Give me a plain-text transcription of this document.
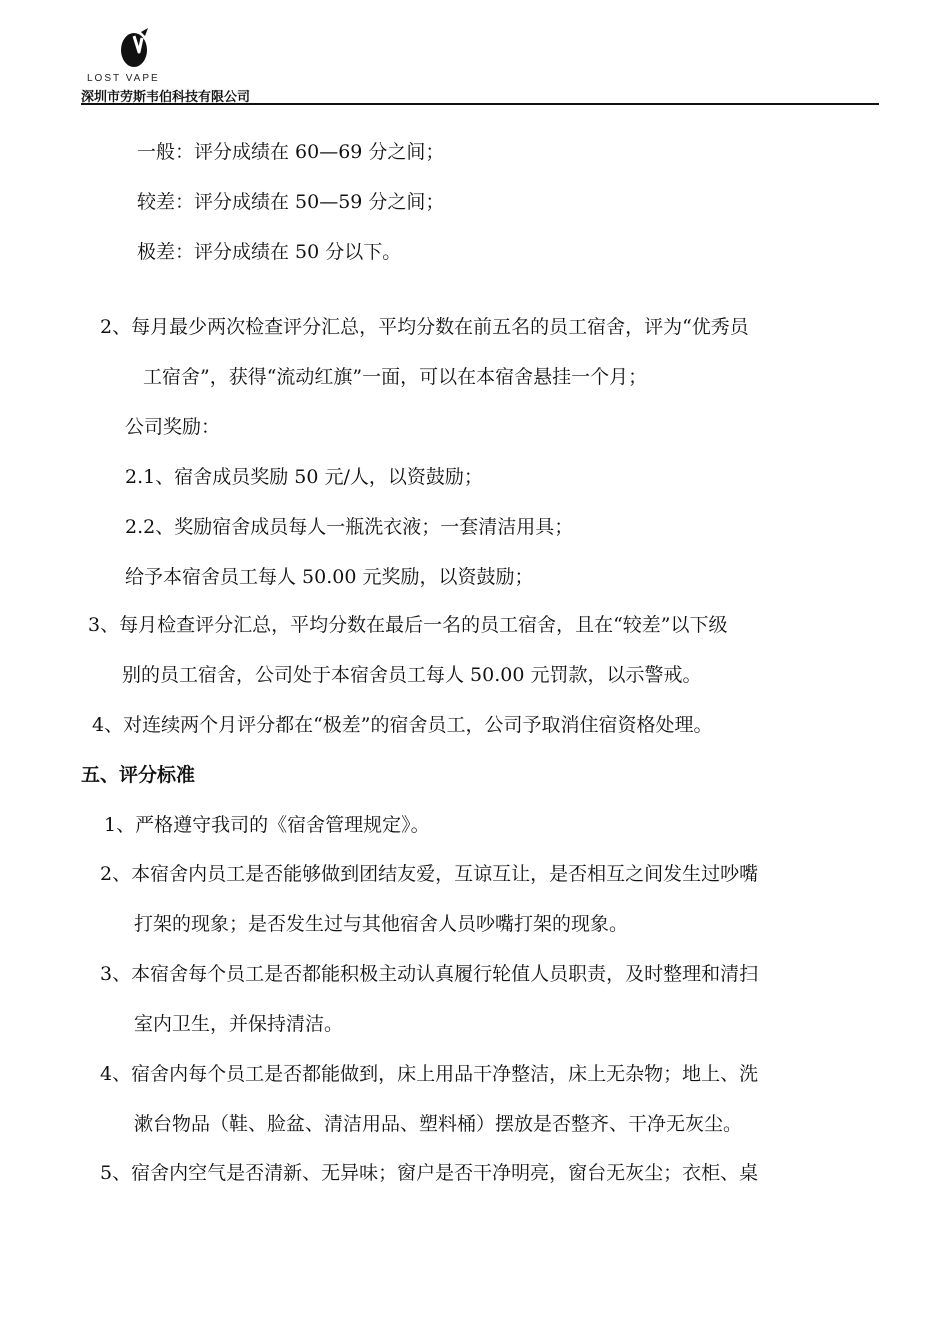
LOST VAPE
深圳市劳斯韦伯科技有限公司
一般：评分成绩在 60—69 分之间；
较差：评分成绩在 50—59 分之间；
极差：评分成绩在 50 分以下。
2、每月最少两次检查评分汇总，平均分数在前五名的员工宿舍，评为“优秀员
工宿舍”，获得“流动红旗”一面，可以在本宿舍悬挂一个月；
公司奖励：
2.1、宿舍成员奖励 50 元/人，以资鼓励；
2.2、奖励宿舍成员每人一瓶洗衣液；一套清洁用具；
给予本宿舍员工每人 50.00 元奖励，以资鼓励；
3、每月检查评分汇总，平均分数在最后一名的员工宿舍，且在“较差”以下级
别的员工宿舍，公司处于本宿舍员工每人 50.00 元罚款，以示警戒。
4、对连续两个月评分都在“极差”的宿舍员工，公司予取消住宿资格处理。
五、评分标准
1、严格遵守我司的《宿舍管理规定》。
2、本宿舍内员工是否能够做到团结友爱，互谅互让，是否相互之间发生过吵嘴
打架的现象；是否发生过与其他宿舍人员吵嘴打架的现象。
3、本宿舍每个员工是否都能积极主动认真履行轮值人员职责，及时整理和清扫
室内卫生，并保持清洁。
4、宿舍内每个员工是否都能做到，床上用品干净整洁，床上无杂物；地上、洗
漱台物品（鞋、脸盆、清洁用品、塑料桶）摆放是否整齐、干净无灰尘。
5、宿舍内空气是否清新、无异味；窗户是否干净明亮，窗台无灰尘；衣柜、桌
